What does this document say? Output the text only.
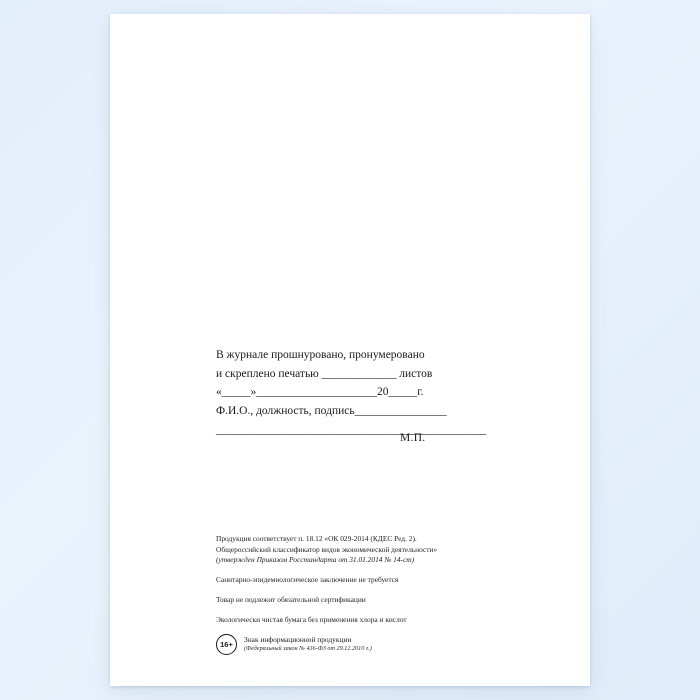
В журнале прошнуровано, пронумеровано
и скреплено печатью _____________ листов
«_____»_____________________20_____г.
Ф.И.О., должность, подпись________________
_______________________________________________
М.П.
Продукция соответствует п. 18.12 «ОК 029-2014 (КДЕС Ред. 2).
Общероссийский классификатор видов экономической деятельности»
(утвержден Приказом Росстандарта от 31.01.2014 № 14-ст)
Санитарно-эпидемиологическое заключение не требуется
Товар не подлежит обязательной сертификации
Экологически чистая бумага без применения хлора и кислот
16+
Знак информационной продукции
(Федеральный закон № 436-ФЗ от 29.12.2010 г.)
